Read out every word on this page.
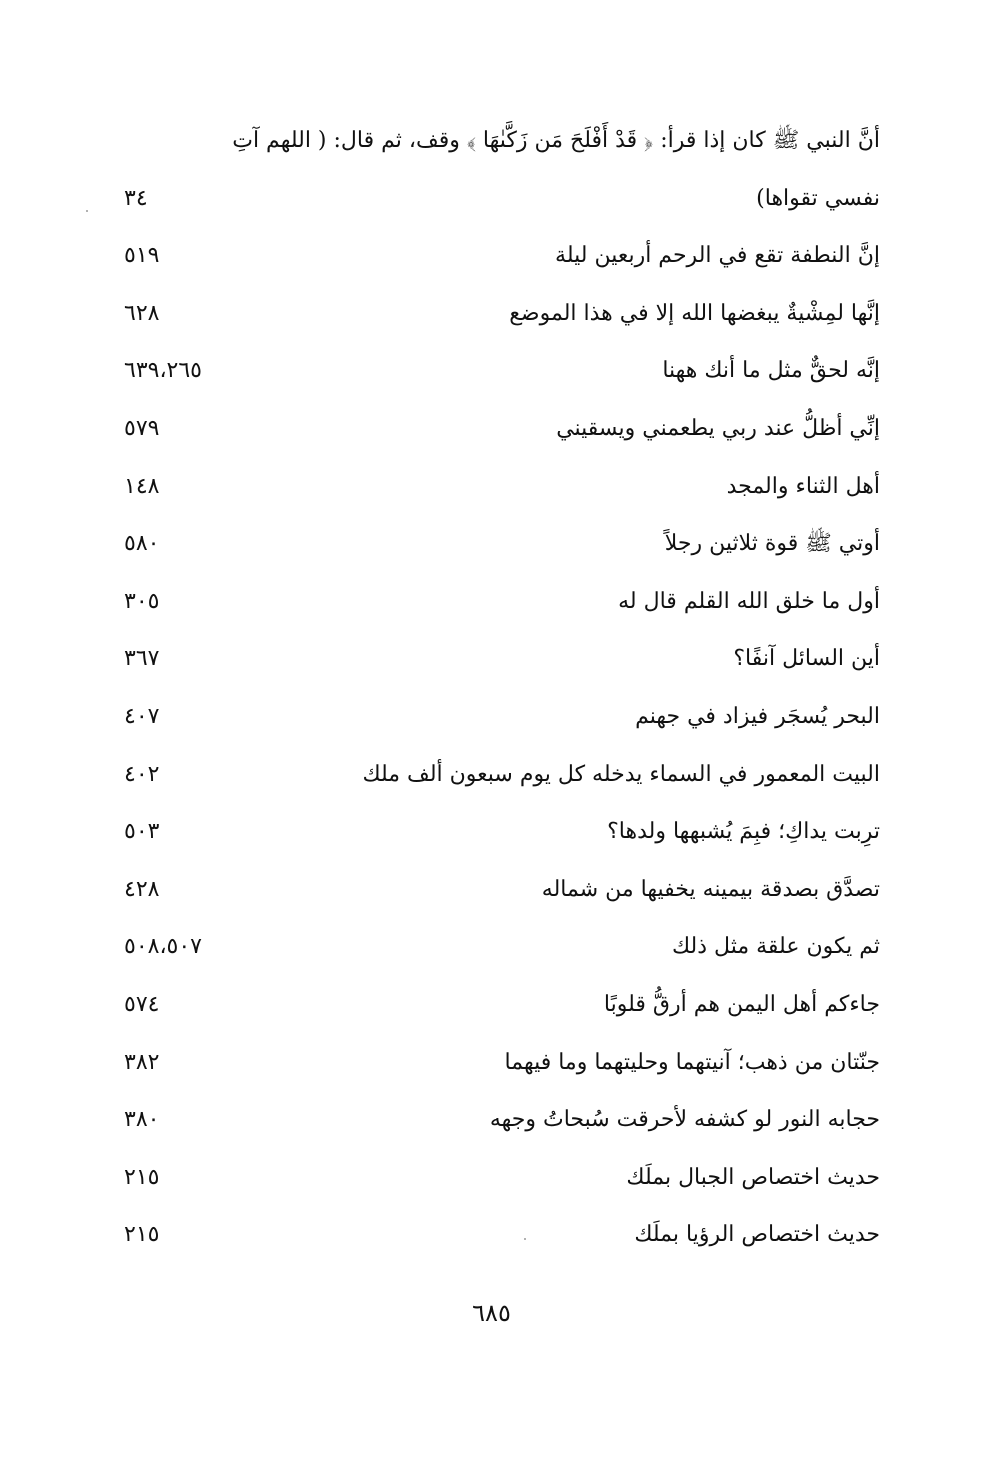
أنَّ النبي ﷺ كان إذا قرأ: ﴿ قَدْ أَفْلَحَ مَن زَكَّىٰهَا ﴾ وقف، ثم قال: ( اللهم آتِ
نفسي تقواها)
٣٤
إنَّ النطفة تقع في الرحم أربعين ليلة
٥١٩
إنَّها لمِشْيةٌ يبغضها الله إلا في هذا الموضع
٦٢٨
إنَّه لحقٌّ مثل ما أنك ههنا
٦٣٩،٢٦٥
إنِّي أظلُّ عند ربي يطعمني ويسقيني
٥٧٩
أهل الثناء والمجد
١٤٨
أوتي ﷺ قوة ثلاثين رجلاً
٥٨٠
أول ما خلق الله القلم قال له
٣٠٥
أين السائل آنفًا؟
٣٦٧
البحر يُسجَر فيزاد في جهنم
٤٠٧
البيت المعمور في السماء يدخله كل يوم سبعون ألف ملك
٤٠٢
ترِبت يداكِ؛ فبِمَ يُشبهها ولدها؟
٥٠٣
تصدَّق بصدقة بيمينه يخفيها من شماله
٤٢٨
ثم يكون علقة مثل ذلك
٥٠٨،٥٠٧
جاءكم أهل اليمن هم أرقُّ قلوبًا
٥٧٤
جنّتان من ذهب؛ آنيتهما وحليتهما وما فيهما
٣٨٢
حجابه النور لو كشفه لأحرقت سُبحاتُ وجهه
٣٨٠
حديث اختصاص الجبال بملَك
٢١٥
حديث اختصاص الرؤيا بملَك
٢١٥
٦٨٥
